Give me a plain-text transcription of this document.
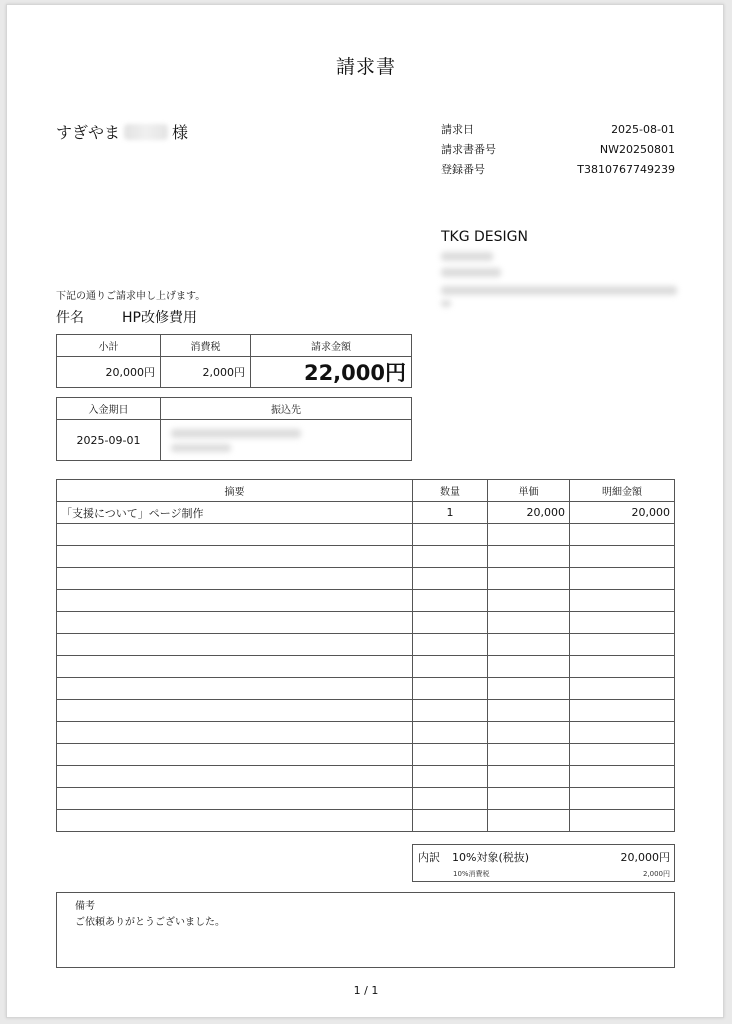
請求書
すぎやま	様	請求日	2025-08-01
請求書番号	NW20250801
登録番号	T3810767749239
TKG DESIGN
下記の通りご請求申し上げます。
件名	HP改修費用
小計	消費税	請求金額
20,000円	2,000円	22,000円
入金期日	振込先
2025-09-01	
摘要	数量	単価	明細金額
「支援について」ページ制作	1	20,000	20,000

内訳 10%対象(税抜)	20,000円
10%消費税	2,000円
備考
ご依頼ありがとうございました。
1 / 1
